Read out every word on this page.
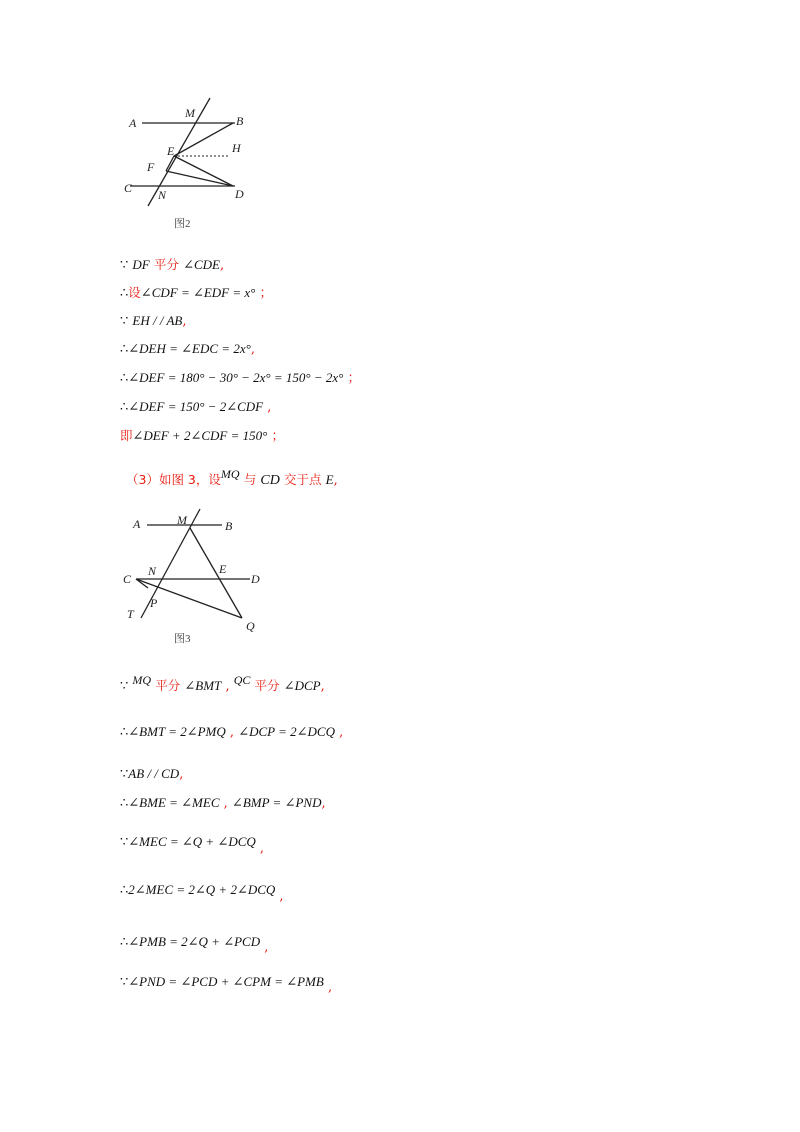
A
M
B
E	H
F
C N	D
图2
∵ DF 平分 ∠CDE,
∴设∠CDF = ∠EDF = x° ；
∵ EH / / AB,
∴∠DEH = ∠EDC = 2x°,
∴∠DEF = 180° − 30° − 2x° = 150° − 2x° ；
∴∠DEF = 150° − 2∠CDF ,
即∠DEF + 2∠CDF = 150° ；
（3）如图 3，设MQ 与 CD 交于点 E,
A	M	B
C
N	E
D
P
T
Q
图3
∵ MQ 平分 ∠BMT , QC 平分 ∠DCP,
∴∠BMT = 2∠PMQ , ∠DCP = 2∠DCQ ,
∵AB / / CD,
∴∠BME = ∠MEC , ∠BMP = ∠PND,
∵∠MEC = ∠Q + ∠DCQ ,
∴2∠MEC = 2∠Q + 2∠DCQ ,
∴∠PMB = 2∠Q + ∠PCD ,
∵∠PND = ∠PCD + ∠CPM = ∠PMB ,
